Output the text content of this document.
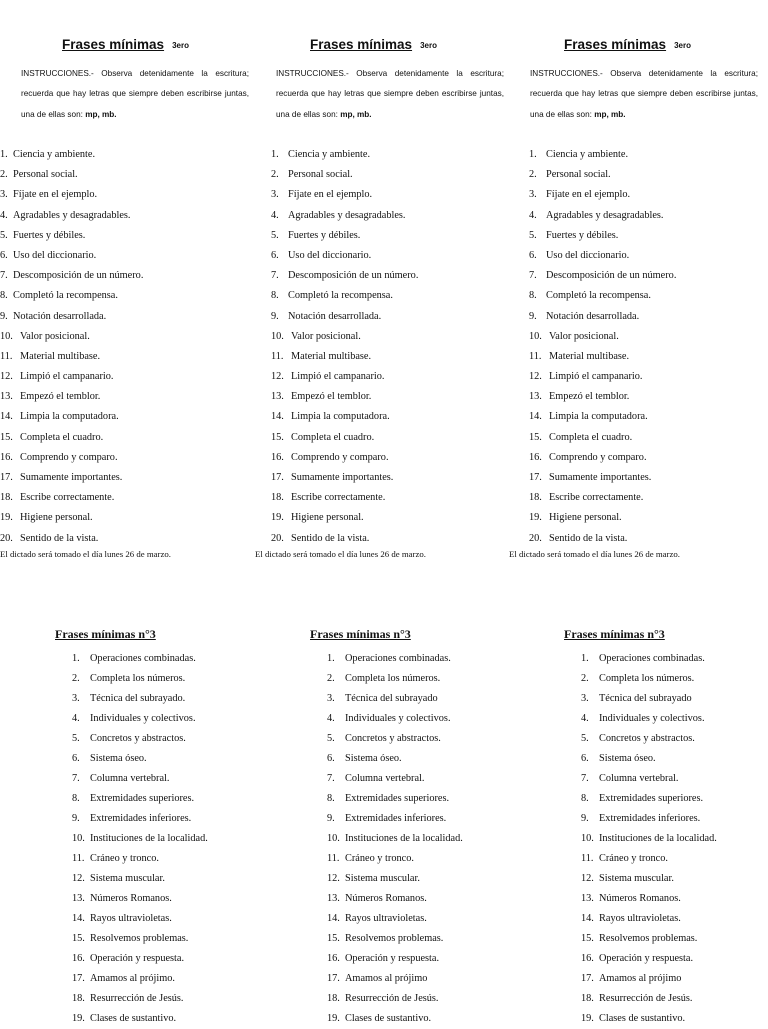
Frases mínimas 3ero
INSTRUCCIONES.- Observa detenidamente la escritura; recuerda que hay letras que siempre deben escribirse juntas, una de ellas son: mp, mb.
1. Ciencia y ambiente.
2. Personal social.
3. Fíjate en el ejemplo.
4. Agradables y desagradables.
5. Fuertes y débiles.
6. Uso del diccionario.
7. Descomposición de un número.
8. Completó la recompensa.
9. Notación desarrollada.
10. Valor posicional.
11. Material multibase.
12. Limpió el campanario.
13. Empezó el temblor.
14. Limpia la computadora.
15. Completa el cuadro.
16. Comprendo y comparo.
17. Sumamente importantes.
18. Escribe correctamente.
19. Higiene personal.
20. Sentido de la vista.
El dictado será tomado el día lunes 26 de marzo.
Frases mínimas 3ero
INSTRUCCIONES.- Observa detenidamente la escritura; recuerda que hay letras que siempre deben escribirse juntas, una de ellas son: mp, mb.
1. Ciencia y ambiente.
2. Personal social.
3. Fíjate en el ejemplo.
4. Agradables y desagradables.
5. Fuertes y débiles.
6. Uso del diccionario.
7. Descomposición de un número.
8. Completó la recompensa.
9. Notación desarrollada.
10. Valor posicional.
11. Material multibase.
12. Limpió el campanario.
13. Empezó el temblor.
14. Limpia la computadora.
15. Completa el cuadro.
16. Comprendo y comparo.
17. Sumamente importantes.
18. Escribe correctamente.
19. Higiene personal.
20. Sentido de la vista.
El dictado será tomado el día lunes 26 de marzo.
Frases mínimas 3ero
INSTRUCCIONES.- Observa detenidamente la escritura; recuerda que hay letras que siempre deben escribirse juntas, una de ellas son: mp, mb.
1. Ciencia y ambiente.
2. Personal social.
3. Fíjate en el ejemplo.
4. Agradables y desagradables.
5. Fuertes y débiles.
6. Uso del diccionario.
7. Descomposición de un número.
8. Completó la recompensa.
9. Notación desarrollada.
10. Valor posicional.
11. Material multibase.
12. Limpió el campanario.
13. Empezó el temblor.
14. Limpia la computadora.
15. Completa el cuadro.
16. Comprendo y comparo.
17. Sumamente importantes.
18. Escribe correctamente.
19. Higiene personal.
20. Sentido de la vista.
El dictado será tomado el día lunes 26 de marzo.
Frases mínimas n°3
1. Operaciones combinadas.
2. Completa los números.
3. Técnica del subrayado.
4. Individuales y colectivos.
5. Concretos y abstractos.
6. Sistema óseo.
7. Columna vertebral.
8. Extremidades superiores.
9. Extremidades inferiores.
10. Instituciones de la localidad.
11. Cráneo y tronco.
12. Sistema muscular.
13. Números Romanos.
14. Rayos ultravioletas.
15. Resolvemos problemas.
16. Operación y respuesta.
17. Amamos al prójimo.
18. Resurrección de Jesús.
19. Clases de sustantivo.
Frases mínimas n°3
1. Operaciones combinadas.
2. Completa los números.
3. Técnica del subrayado
4. Individuales y colectivos.
5. Concretos y abstractos.
6. Sistema óseo.
7. Columna vertebral.
8. Extremidades superiores.
9. Extremidades inferiores.
10. Instituciones de la localidad.
11. Cráneo y tronco.
12. Sistema muscular.
13. Números Romanos.
14. Rayos ultravioletas.
15. Resolvemos problemas.
16. Operación y respuesta.
17. Amamos al prójimo
18. Resurrección de Jesús.
19. Clases de sustantivo.
Frases mínimas n°3
1. Operaciones combinadas.
2. Completa los números.
3. Técnica del subrayado
4. Individuales y colectivos.
5. Concretos y abstractos.
6. Sistema óseo.
7. Columna vertebral.
8. Extremidades superiores.
9. Extremidades inferiores.
10. Instituciones de la localidad.
11. Cráneo y tronco.
12. Sistema muscular.
13. Números Romanos.
14. Rayos ultravioletas.
15. Resolvemos problemas.
16. Operación y respuesta.
17. Amamos al prójimo
18. Resurrección de Jesús.
19. Clases de sustantivo.
